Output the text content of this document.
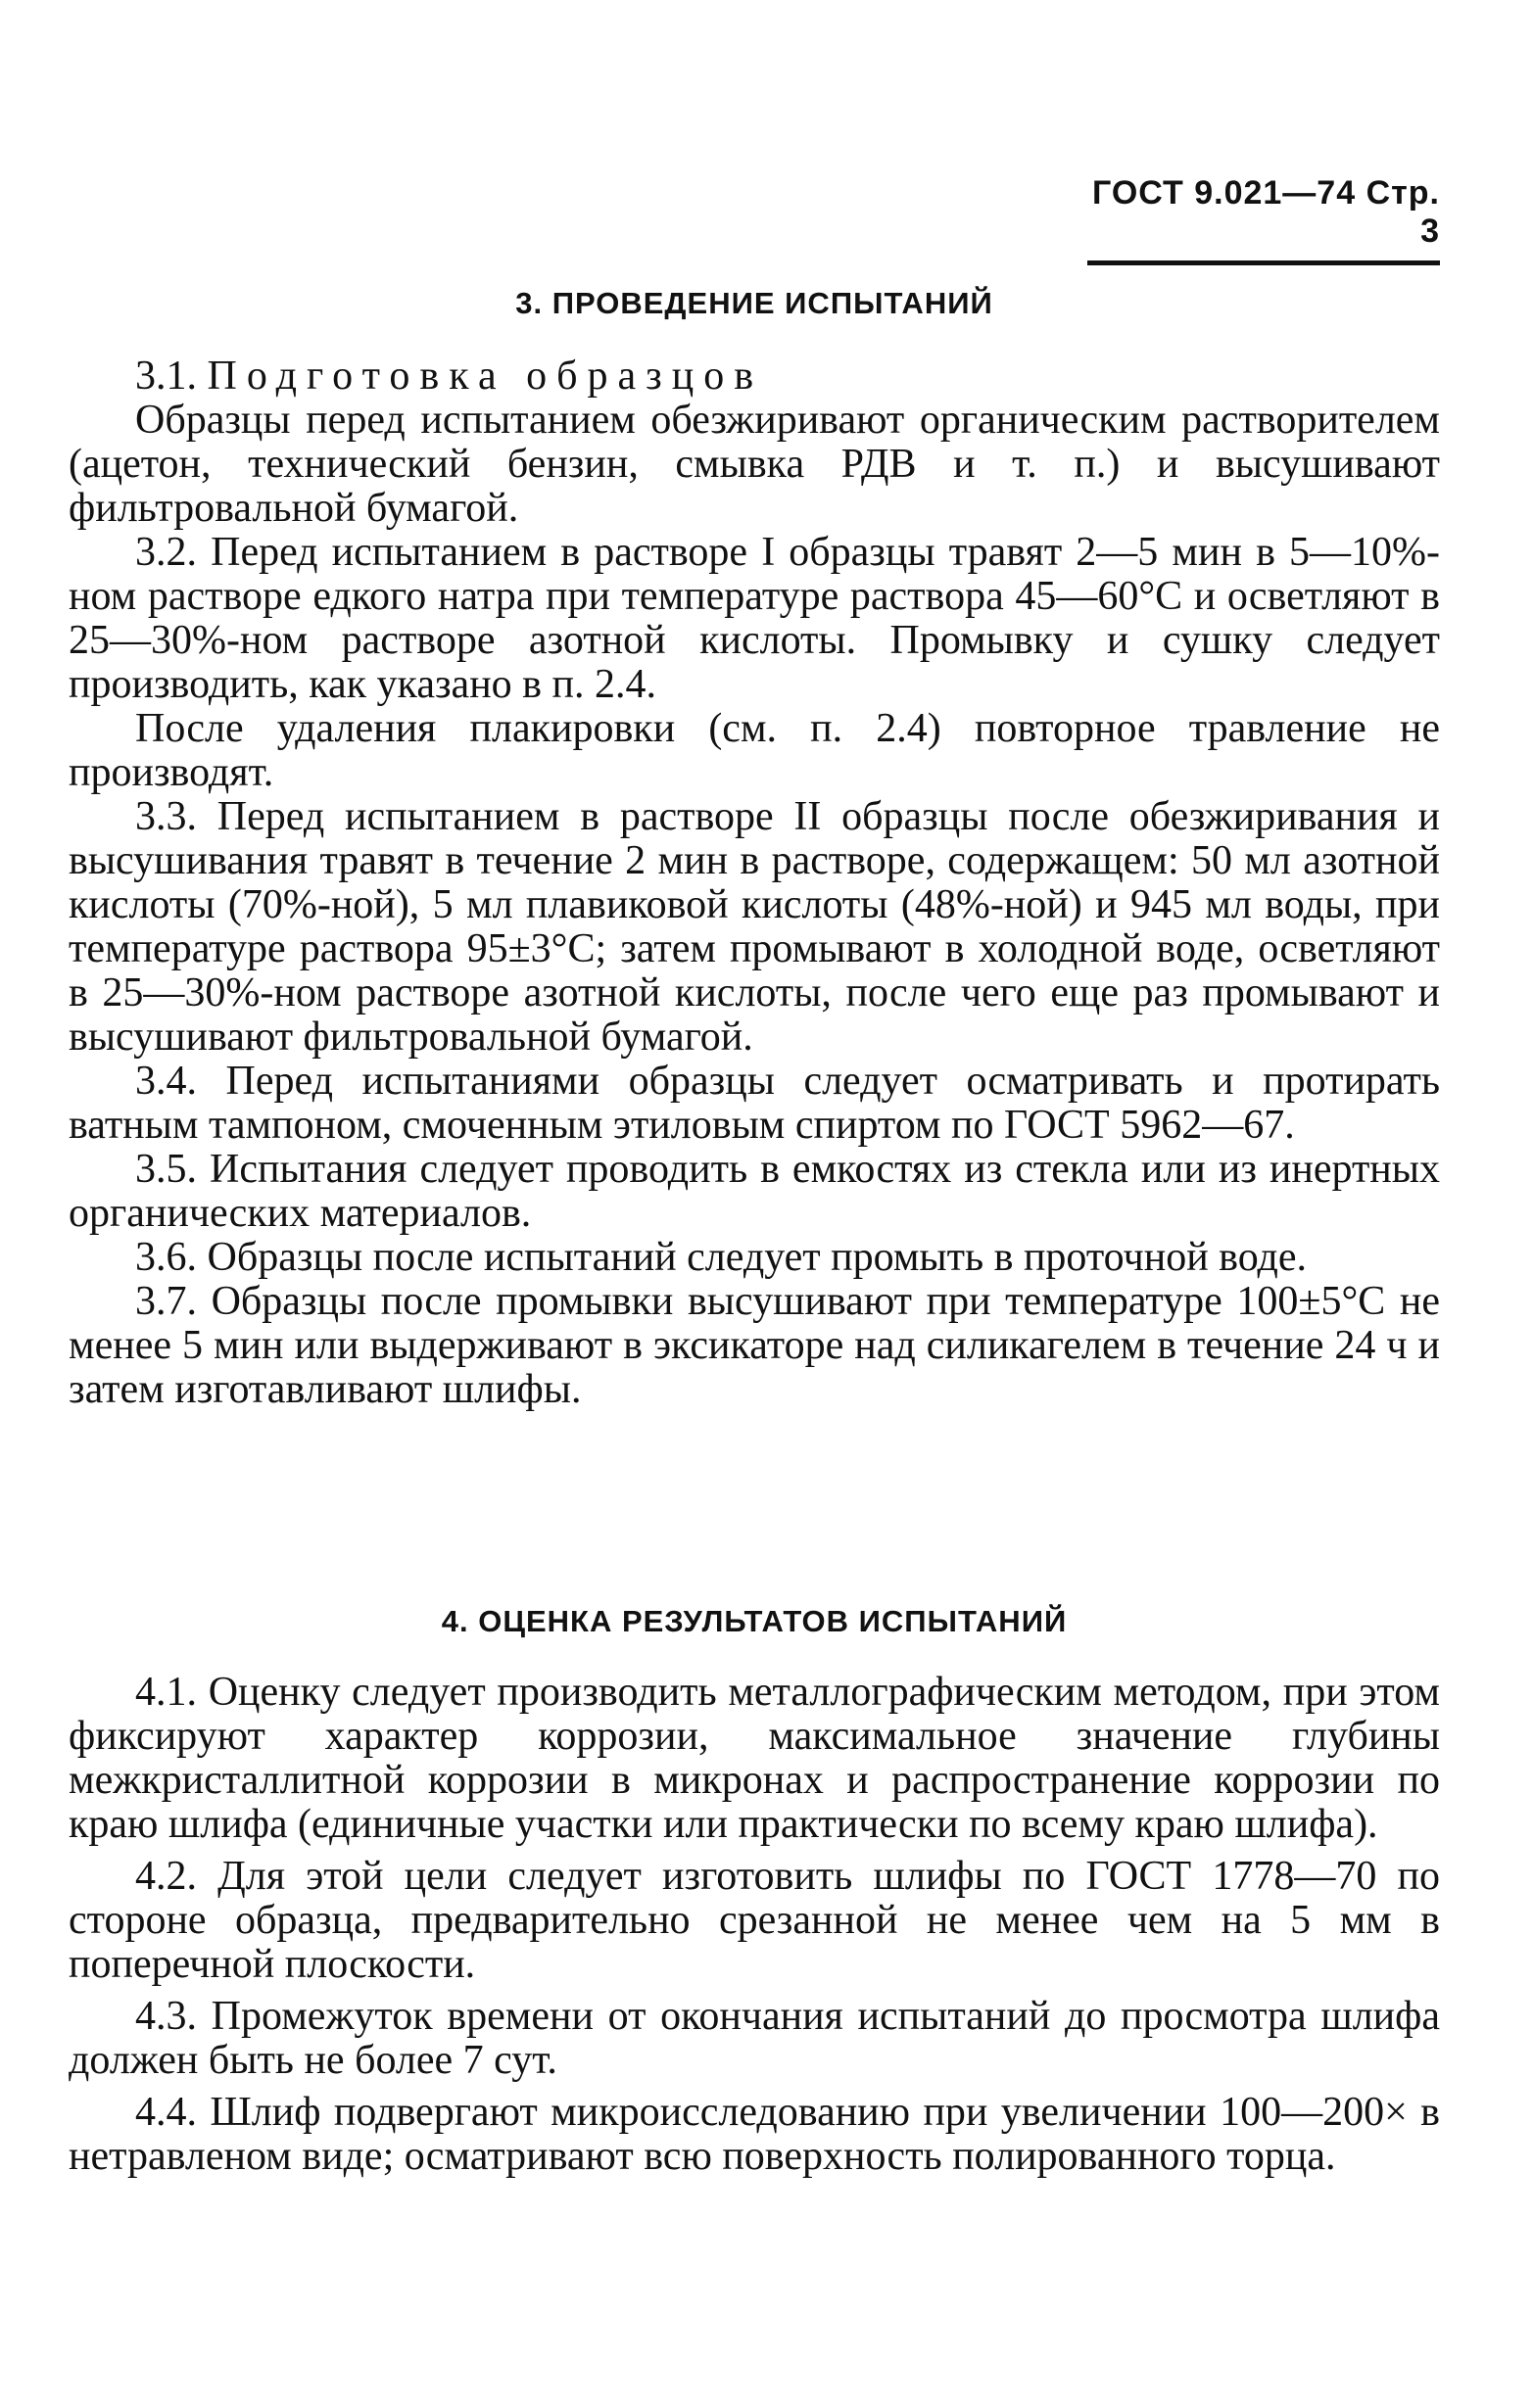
ГОСТ 9.021—74 Стр. 3
3. ПРОВЕДЕНИЕ ИСПЫТАНИЙ

3.1. Подготовка образцов

Образцы перед испытанием обезжиривают органическим растворителем (ацетон, технический бензин, смывка РДВ и т. п.) и высушивают фильтровальной бумагой.

3.2. Перед испытанием в растворе I образцы травят 2—5 мин в 5—10%-ном растворе едкого натра при температуре раствора 45—60°С и осветляют в 25—30%-ном растворе азотной кислоты. Промывку и сушку следует производить, как указано в п. 2.4.

После удаления плакировки (см. п. 2.4) повторное травление не производят.

3.3. Перед испытанием в растворе II образцы после обезжиривания и высушивания травят в течение 2 мин в растворе, содержащем: 50 мл азотной кислоты (70%-ной), 5 мл плавиковой кислоты (48%-ной) и 945 мл воды, при температуре раствора 95±3°С; затем промывают в холодной воде, осветляют в 25—30%-ном растворе азотной кислоты, после чего еще раз промывают и высушивают фильтровальной бумагой.

3.4. Перед испытаниями образцы следует осматривать и протирать ватным тампоном, смоченным этиловым спиртом по ГОСТ 5962—67.

3.5. Испытания следует проводить в емкостях из стекла или из инертных органических материалов.

3.6. Образцы после испытаний следует промыть в проточной воде.

3.7. Образцы после промывки высушивают при температуре 100±5°С не менее 5 мин или выдерживают в эксикаторе над силикагелем в течение 24 ч и затем изготавливают шлифы.

4. ОЦЕНКА РЕЗУЛЬТАТОВ ИСПЫТАНИЙ

4.1. Оценку следует производить металлографическим методом, при этом фиксируют характер коррозии, максимальное значение глубины межкристаллитной коррозии в микронах и распространение коррозии по краю шлифа (единичные участки или практически по всему краю шлифа).

4.2. Для этой цели следует изготовить шлифы по ГОСТ 1778—70 по стороне образца, предварительно срезанной не менее чем на 5 мм в поперечной плоскости.

4.3. Промежуток времени от окончания испытаний до просмотра шлифа должен быть не более 7 сут.

4.4. Шлиф подвергают микроисследованию при увеличении 100—200× в нетравленом виде; осматривают всю поверхность полированного торца.
